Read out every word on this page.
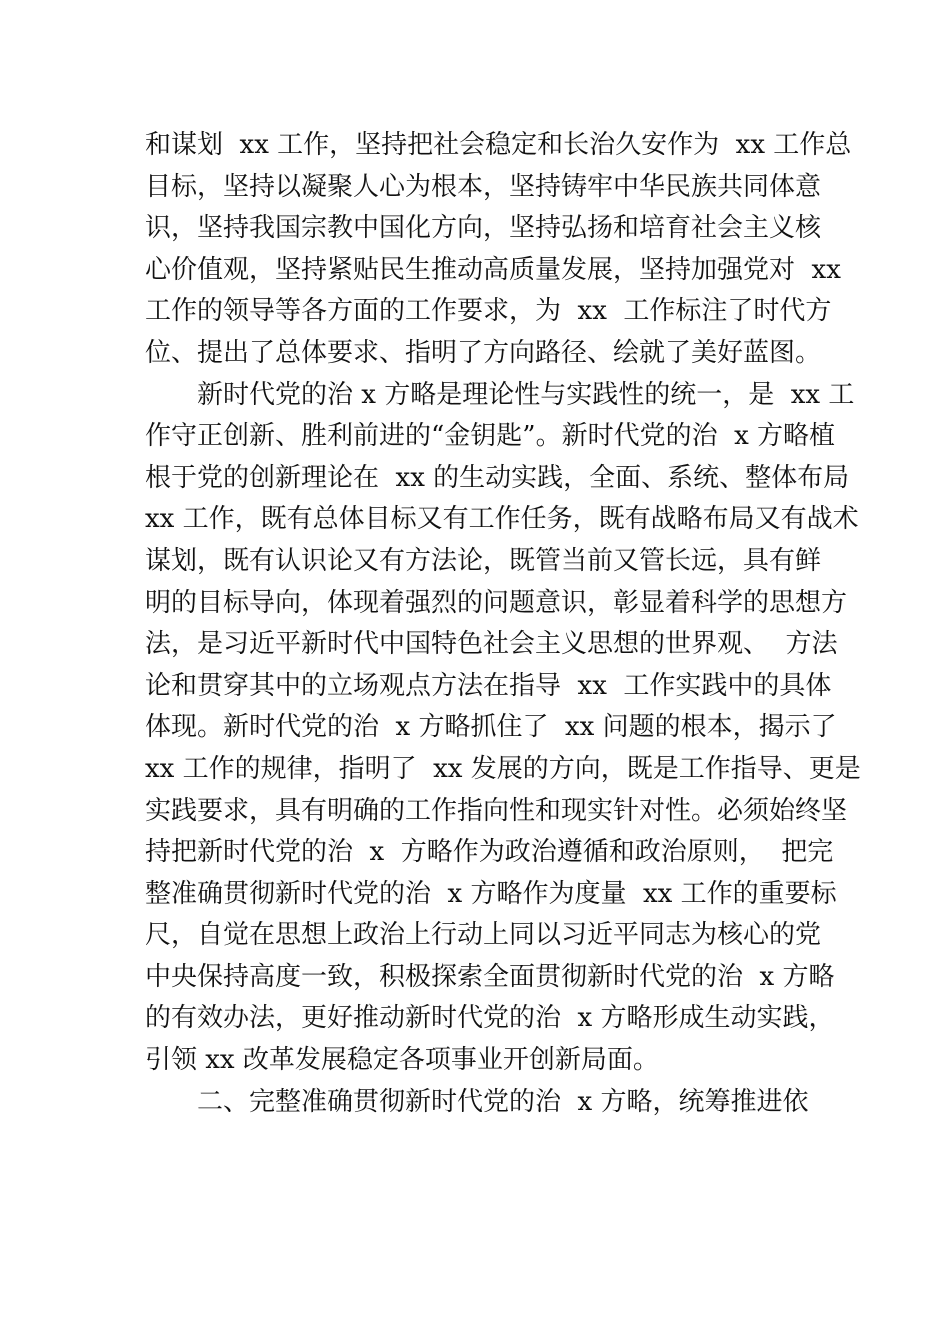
和谋划  xx 工作，坚持把社会稳定和长治久安作为  xx 工作总
目标，坚持以凝聚人心为根本，坚持铸牢中华民族共同体意
识，坚持我国宗教中国化方向，坚持弘扬和培育社会主义核
心价值观，坚持紧贴民生推动高质量发展，坚持加强党对  xx
工作的领导等各方面的工作要求，为  xx  工作标注了时代方
位、提出了总体要求、指明了方向路径、绘就了美好蓝图。
新时代党的治 x 方略是理论性与实践性的统一，是  xx 工
作守正创新、胜利前进的“金钥匙”。新时代党的治  x 方略植
根于党的创新理论在  xx 的生动实践，全面、系统、整体布局
xx 工作，既有总体目标又有工作任务，既有战略布局又有战术
谋划，既有认识论又有方法论，既管当前又管长远，具有鲜
明的目标导向，体现着强烈的问题意识，彰显着科学的思想方
法，是习近平新时代中国特色社会主义思想的世界观、  方法
论和贯穿其中的立场观点方法在指导  xx  工作实践中的具体
体现。新时代党的治  x 方略抓住了  xx 问题的根本，揭示了
xx 工作的规律，指明了  xx 发展的方向，既是工作指导、更是
实践要求，具有明确的工作指向性和现实针对性。必须始终坚
持把新时代党的治  x  方略作为政治遵循和政治原则，  把完
整准确贯彻新时代党的治  x 方略作为度量  xx 工作的重要标
尺，自觉在思想上政治上行动上同以习近平同志为核心的党
中央保持高度一致，积极探索全面贯彻新时代党的治  x 方略
的有效办法，更好推动新时代党的治  x 方略形成生动实践，
引领 xx 改革发展稳定各项事业开创新局面。
二、完整准确贯彻新时代党的治  x 方略，统筹推进依
